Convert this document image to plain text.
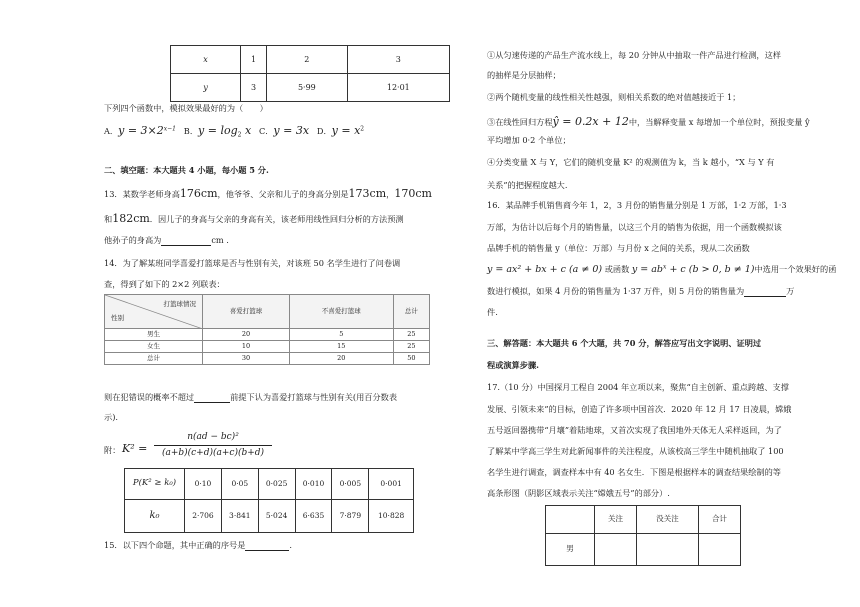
x	1	2	3
y	3	5·99	12·01
下列四个函数中，模拟效果最好的为（　　）
A．$y = 3\times 2^{x-1}$ B．$y = \log_2 x$ C．y = 3x D．$y = x^2$
二、填空题：本大题共 4 小题，每小题 5 分.
13．某数学老师身高176cm，他爷爷、父亲和儿子的身高分别是173cm，170cm
和182cm．因儿子的身高与父亲的身高有关，该老师用线性回归分析的方法预测
他孙子的身高为	cm .
14．为了解某班同学喜爱打篮球是否与性别有关，对该班 50 名学生进行了问卷调
查，得到了如下的 2×2 列联表：
打篮球情况
性别	喜爱打篮球	不喜爱打篮球	总计
男生	20	5	25
女生	10	15	25
总计	30	20	50
则在犯错误的概率不超过	前提下认为喜爱打篮球与性别有关(用百分数表
示).
附： K² =
n(ad − bc)²
(a+b)(c+d)(a+c)(b+d)
P(K² ≥ k₀)	0·10	0·05	0·025	0·010	0·005	0·001
k₀	2·706	3·841	5·024	6·635	7·879	10·828
15．以下四个命题，其中正确的序号是	.
①从匀速传递的产品生产流水线上，每 20 分钟从中抽取一件产品进行检测，这样
的抽样是分层抽样；
②两个随机变量的线性相关性越强，则相关系数的绝对值越接近于 1；
③在线性回归方程ŷ = 0.2x + 12中，当解释变量 x 每增加一个单位时，预报变量 ŷ
平均增加 0·2 个单位；
④分类变量 X 与 Y，它们的随机变量 K² 的观测值为 k，当 k 越小，“X 与 Y 有
关系”的把握程度越大.
16．某品牌手机销售商今年 1，2，3 月份的销售量分别是 1 万部，1·2 万部，1·3
万部，为估计以后每个月的销售量，以这三个月的销售为依据，用一个函数模拟该
品牌手机的销售量 y（单位：万部）与月份 x 之间的关系，现从二次函数
y = ax² + bx + c (a ≠ 0) 或函数 $y = ab^x + c$ (b > 0, b ≠ 1)中选用一个效果好的函
数进行模拟，如果 4 月份的销售量为 1·37 万件，则 5 月份的销售量为	万
件.
三、解答题：本大题共 6 个大题，共 70 分，解答应写出文字说明、证明过
程或演算步骤.
17.（10 分）中国探月工程自 2004 年立项以来，聚焦“自主创新、重点跨越、支撑
发展、引领未来”的目标，创造了许多项中国首次．2020 年 12 月 17 日凌晨，嫦娥
五号返回器携带“月壤”着陆地球，又首次实现了我国地外天体无人采样返回，为了
了解某中学高三学生对此新闻事件的关注程度，从该校高三学生中随机抽取了 100
名学生进行调查，调查样本中有 40 名女生．下图是根据样本的调查结果绘制的等
高条形图（阴影区域表示关注“嫦娥五号”的部分）.
	关注	没关注	合计
男			
